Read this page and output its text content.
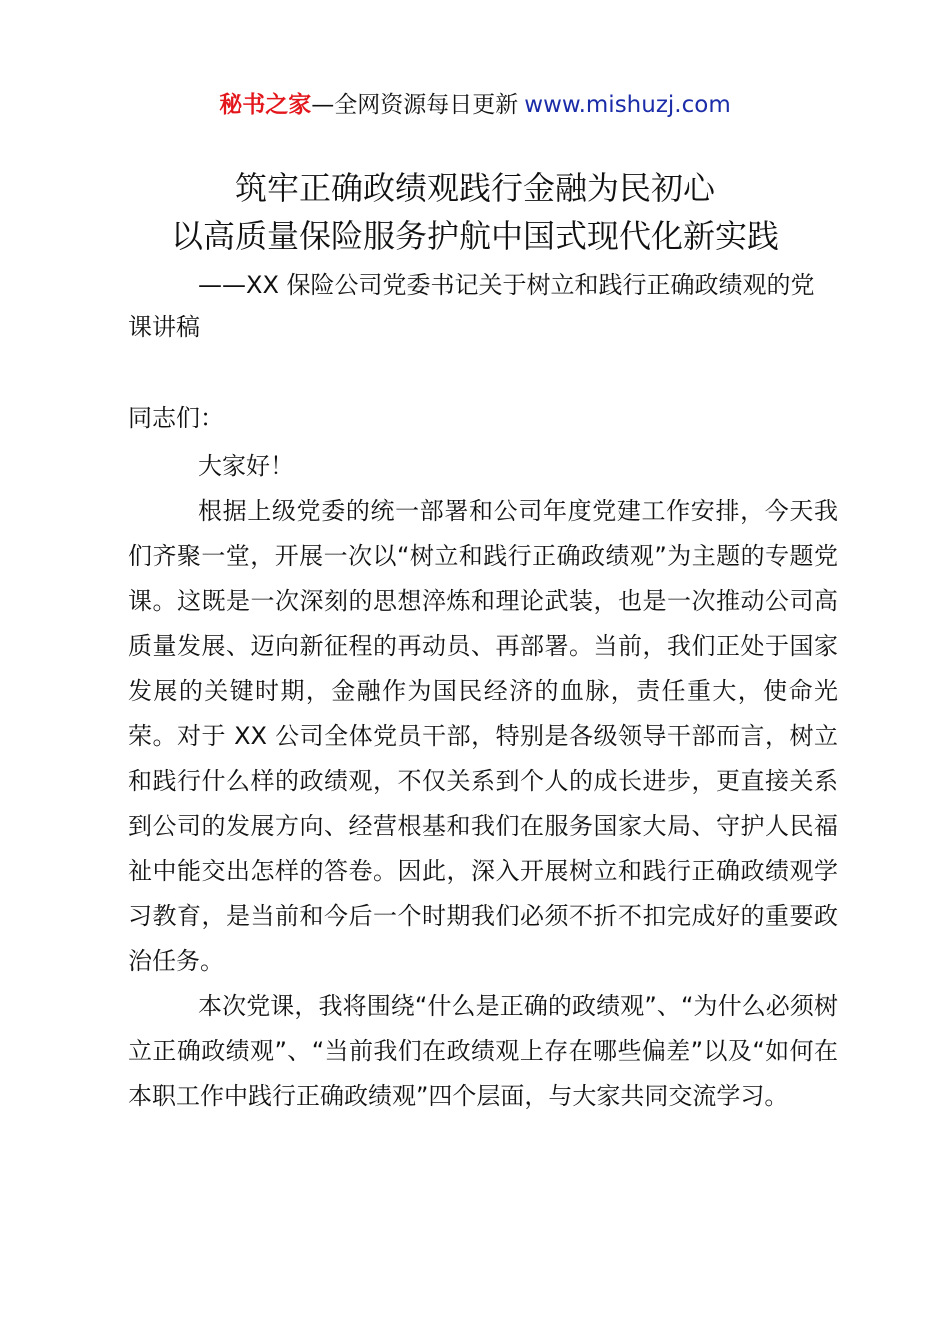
秘书之家—全网资源每日更新 www.mishuzj.com
筑牢正确政绩观践行金融为民初心
以高质量保险服务护航中国式现代化新实践
——XX 保险公司党委书记关于树立和践行正确政绩观的党课讲稿
同志们：

大家好！

根据上级党委的统一部署和公司年度党建工作安排，今天我们齐聚一堂，开展一次以“树立和践行正确政绩观”为主题的专题党课。这既是一次深刻的思想淬炼和理论武装，也是一次推动公司高质量发展、迈向新征程的再动员、再部署。当前，我们正处于国家发展的关键时期，金融作为国民经济的血脉，责任重大，使命光荣。对于 XX 公司全体党员干部，特别是各级领导干部而言，树立和践行什么样的政绩观，不仅关系到个人的成长进步，更直接关系到公司的发展方向、经营根基和我们在服务国家大局、守护人民福祉中能交出怎样的答卷。因此，深入开展树立和践行正确政绩观学习教育，是当前和今后一个时期我们必须不折不扣完成好的重要政治任务。

本次党课，我将围绕“什么是正确的政绩观”、“为什么必须树立正确政绩观”、“当前我们在政绩观上存在哪些偏差”以及“如何在本职工作中践行正确政绩观”四个层面，与大家共同交流学习。
